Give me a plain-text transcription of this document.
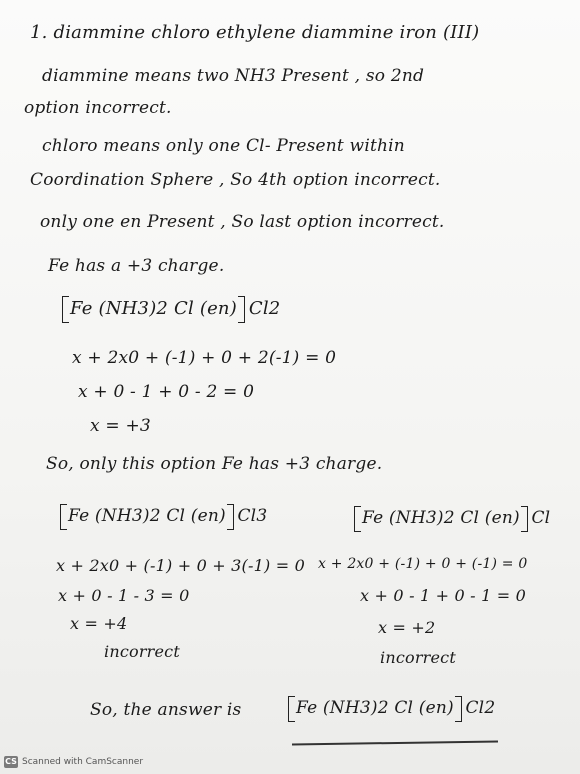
1. diammine chloro ethylene diammine iron (III)
diammine means two NH3 Present , so 2nd
option incorrect.
chloro means only one Cl- Present within
Coordination Sphere , So 4th option incorrect.
only one en Present , So last option incorrect.
Fe has a +3 charge.
Fe (NH3)2 Cl (en) Cl2
x + 2x0 + (-1) + 0 + 2(-1) = 0
x + 0 - 1 + 0 - 2 = 0
x = +3
So, only this option Fe has +3 charge.
Fe (NH3)2 Cl (en) Cl3
x + 2x0 + (-1) + 0 + 3(-1) = 0
x + 0 - 1 - 3 = 0
x = +4
incorrect
Fe (NH3)2 Cl (en) Cl
x + 2x0 + (-1) + 0 + (-1) = 0
x + 0 - 1 + 0 - 1 = 0
x = +2
incorrect
So, the answer is	Fe (NH3)2 Cl (en) Cl2
CS Scanned with CamScanner
